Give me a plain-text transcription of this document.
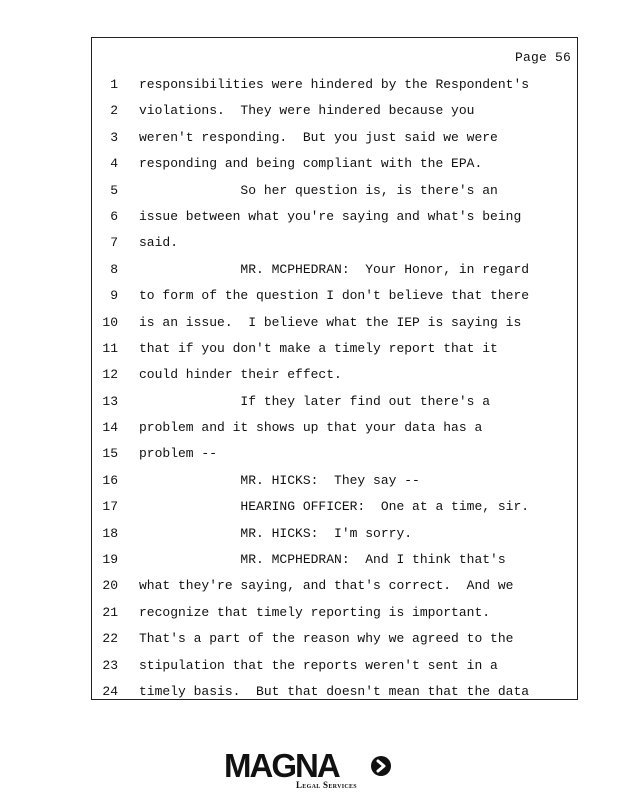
Page 56
1 responsibilities were hindered by the Respondent's
2 violations.  They were hindered because you
3 weren't responding.  But you just said we were
4 responding and being compliant with the EPA.
5 So her question is, is there's an
6 issue between what you're saying and what's being
7 said.
8 MR. MCPHEDRAN:  Your Honor, in regard
9 to form of the question I don't believe that there
10 is an issue.  I believe what the IEP is saying is
11 that if you don't make a timely report that it
12 could hinder their effect.
13 If they later find out there's a
14 problem and it shows up that your data has a
15 problem --
16 MR. HICKS:  They say --
17 HEARING OFFICER:  One at a time, sir.
18 MR. HICKS:  I'm sorry.
19 MR. MCPHEDRAN:  And I think that's
20 what they're saying, and that's correct.  And we
21 recognize that timely reporting is important.
22 That's a part of the reason why we agreed to the
23 stipulation that the reports weren't sent in a
24 timely basis.  But that doesn't mean that the data
MAGNA
Legal Services
